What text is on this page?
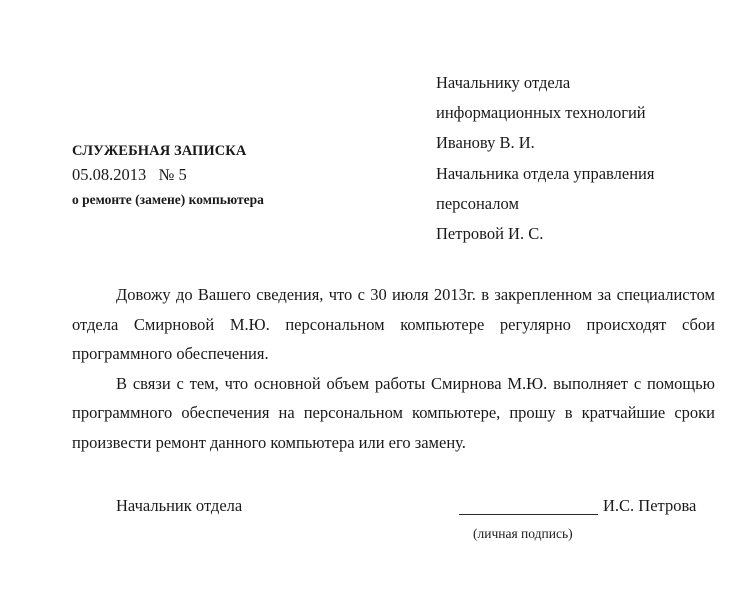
Начальнику отдела
информационных технологий
Иванову В. И.
Начальника отдела управления
персоналом
Петровой И. С.
СЛУЖЕБНАЯ ЗАПИСКА
05.08.2013   № 5
о ремонте (замене) компьютера

Довожу до Вашего сведения, что с 30 июля 2013г. в закрепленном за специалистом отдела Смирновой М.Ю. персональном компьютере регулярно происходят сбои программного обеспечения.

В связи с тем, что основной объем работы Смирнова М.Ю. выполняет с помощью программного обеспечения на персональном компьютере, прошу в кратчайшие сроки произвести ремонт данного компьютера или его замену.

Начальник отдела	И.С. Петрова
(личная подпись)
